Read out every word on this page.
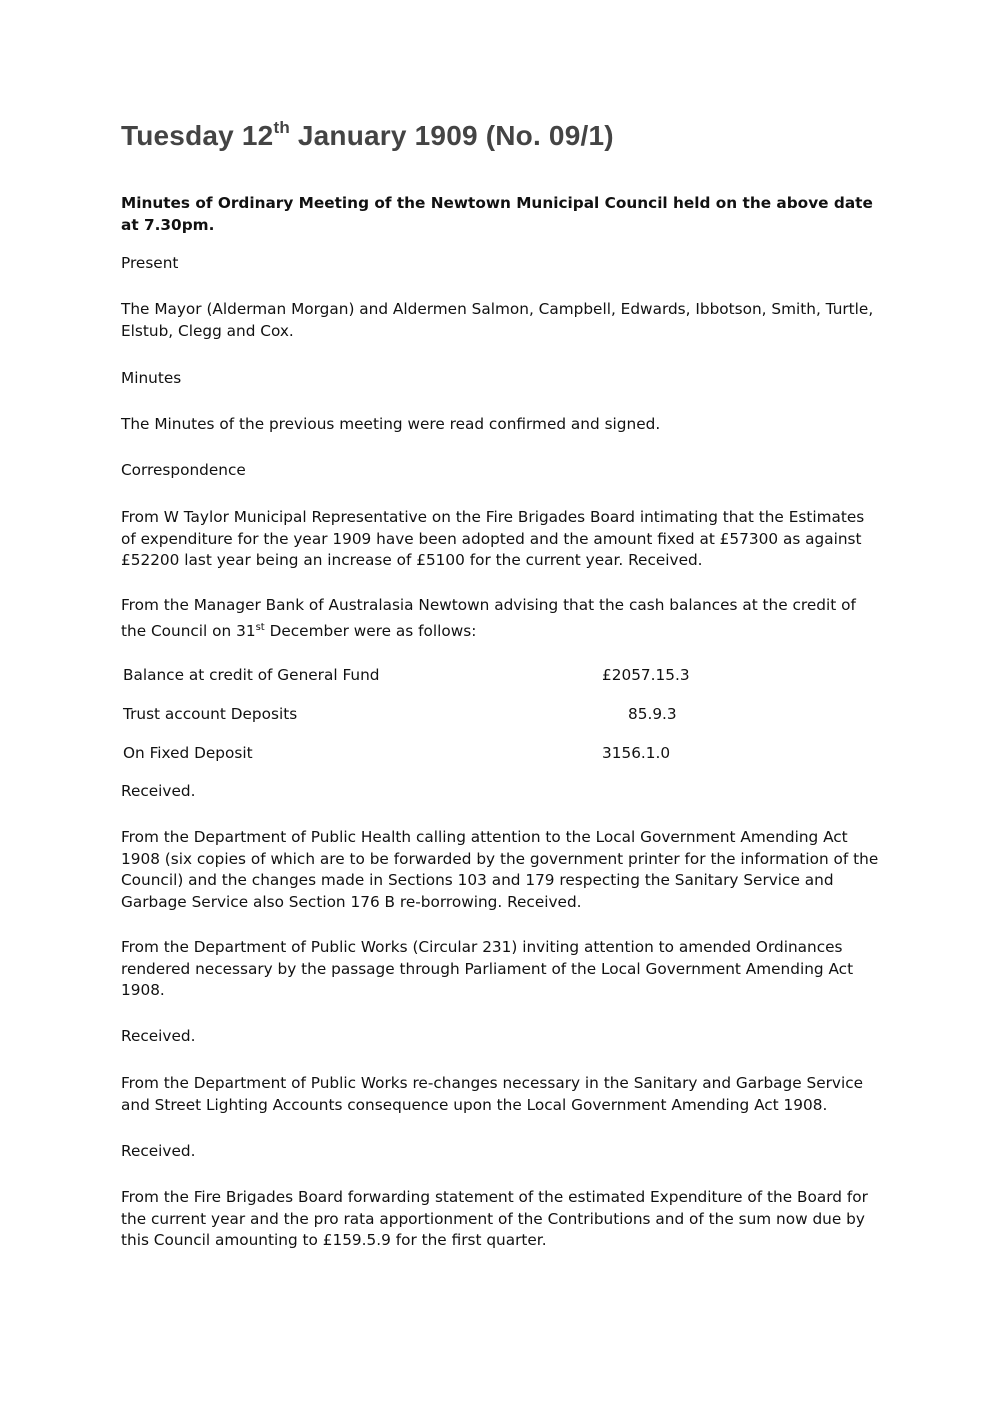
Tuesday 12th January 1909 (No. 09/1)

Minutes of Ordinary Meeting of the Newtown Municipal Council held on the above date at 7.30pm.

Present

The Mayor (Alderman Morgan) and Aldermen Salmon, Campbell, Edwards, Ibbotson, Smith, Turtle, Elstub, Clegg and Cox.

Minutes

The Minutes of the previous meeting were read confirmed and signed.

Correspondence

From W Taylor Municipal Representative on the Fire Brigades Board intimating that the Estimates of expenditure for the year 1909 have been adopted and the amount fixed at £57300 as against £52200 last year being an increase of £5100 for the current year. Received.

From the Manager Bank of Australasia Newtown advising that the cash balances at the credit of the Council on 31st December were as follows:

Balance at credit of General Fund	£2057.15.3
Trust account Deposits	85.9.3
On Fixed Deposit	3156.1.0

Received.

From the Department of Public Health calling attention to the Local Government Amending Act 1908 (six copies of which are to be forwarded by the government printer for the information of the Council) and the changes made in Sections 103 and 179 respecting the Sanitary Service and Garbage Service also Section 176 B re-borrowing. Received.

From the Department of Public Works (Circular 231) inviting attention to amended Ordinances rendered necessary by the passage through Parliament of the Local Government Amending Act 1908.

Received.

From the Department of Public Works re-changes necessary in the Sanitary and Garbage Service and Street Lighting Accounts consequence upon the Local Government Amending Act 1908.

Received.

From the Fire Brigades Board forwarding statement of the estimated Expenditure of the Board for the current year and the pro rata apportionment of the Contributions and of the sum now due by this Council amounting to £159.5.9 for the first quarter.
